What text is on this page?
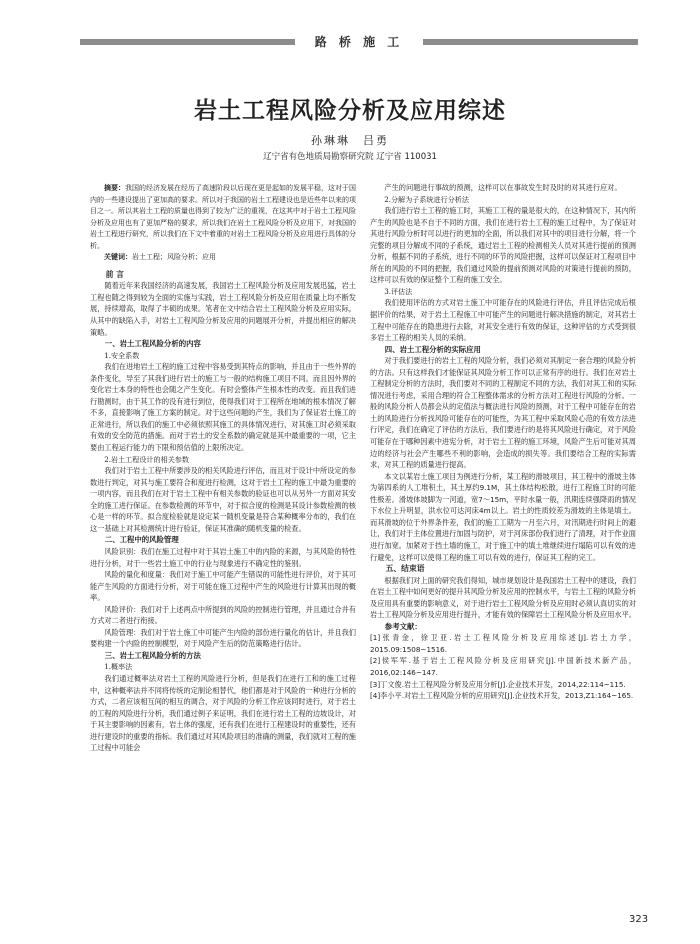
路 桥 施 工
岩土工程风险分析及应用综述
孙琳琳　吕勇
辽宁省有色地质局勘察研究院 辽宁省 110031

摘要：我国的经济发展在经历了高速阶段以后现在更是起如的发展平稳，这对于国内的一些建设提出了更加高的要求。所以对于我国的岩土工程建设也是近些年以来的项目之一。所以其岩土工程的质量也得到了较为广泛的重视，在这其中对于岩土工程风险分析及应用也有了更加严格的要求，所以我们在岩土工程风险分析及应用下，对我国的岩土工程进行研究，所以我们在下文中着重的对岩土工程风险分析及应用进行具体的分析。

关键词：岩土工程；风险分析；应用

前 言

随着近年来我国经济的高速发展，我国岩土工程风险分析及应用发展迅猛，岩土工程也随之得到较为全面的实施与实践，岩土工程风险分析及应用在质量上均不断发展，持续增高，取得了丰硕的成果。笔者在文中结合岩土工程风险分析及应用实际，从其中的缺陷入手，对岩土工程风险分析及应用的问题展开分析，并提出相应的解决策略。

一、岩土工程风险分析的内容

1.安全系数

我们在进地岩土工程的施工过程中容易受到其特点的影响，并且由于一些外界的条件变化，导至了其我们进行岩土的施工与一般的结构施工项目不同。而且因外界的变化岩土本身的特性也会随之产生变化。有时会整体产生根本性的改变。而且我们进行勘测时，由于其工作的没有进行到位，使得我们对于工程所在地域的根本情况了解不多，直接影响了施工方案的制定。对于这些问题的产生，我们为了保证岩土施工的正常进行，所以我们的施工中必须依照其施工的具体情况进行，对其施工时必须采取有效的安全防范的措施。而对于岩土的安全系数的确定就是其中最重要的一项，它主要由工程运行能力的下限和预估值的上限所决定。

2.岩土工程设计的相关参数

我们对于岩土工程中所要涉及的相关风险进行评估，而且对于设计中所设定的参数进行判定，对其与施工要符合和度进行检测，这对于岩土工程的施工中最为重要的一项内容，而且我们在对于岩土工程中有相关参数的验证也可以从另外一方面对其安全的施工进行保证。在参数检测的环节中，对于拟合度的检测是其设计参数检测的核心是一样的环节。拟合度检验就是设定某一随机变量是符合某种概率分布的，我们在这一基础上对其检测统计进行验证，保证其准确的随机变量的检查。

二、工程中的风险管理

风险识别：我们在施工过程中对于其岩土施工中的内险的来源，与其风险的特性进行分析，对于一些岩土施工中的行业与现象进行不确定性的鉴别。

风险的量化和度量：我们对于施工中可能产生错误的可能性进行评价，对于其可能产生风险的方面进行分析，对于可能在施工过程中产生的风险进行计算其出现的概率。

风险评价：我们对于上述两点中所提到的风险的控制进行管理，并且通过合并有方式对二者进行衔接。

风险管理：我们对于岩土施工中可能产生内险的部份进行量化的估计，并且我们要构建一个内险的控制模型，对于风险产生后的防范策略进行估计。

三、岩土工程风险分析的方法

1.概率法

我们通过概率法对岩土工程的风险进行分析，但是我们在进行工和的施工过程中，这种概率法并不同将传统的定制论相替代，他们都是对于风险的一种进行分析的方式，二者应该相互间的相互的调合，对于风险的分析工作应该同时进行，对于岩土的工程的风险进行分析，我们通过例子来证明，我们在进行岩土工程的边坡设计，对于其主要影响的因素有，岩土体的强度，还有我们在进行工程建设时的重要性，还有进行建设时的重要的指标。我们通过对其风险项目的准确的测量，我们就对工程的施工过程中可能会

产生的问题进行事故的预测，这样可以在事故发生时及时的对其进行应对。

2.分解为子系统进行分析法

我们进行岩土工程的施工时，其施工工程的量是很大的，在这种情况下，其内所产生的风险也是不自于不同的方面，我们在进行岩土工程的施工过程中，为了保证对其进行风险分析时可以进行的更加的全面，所以我们对其中的项目进行分解，将一个完整的项目分解成不同的子系统，通过岩土工程的检测相关人员对其进行提前的预测分析，根据不同的子系统，进行不同的环节的风险把握，这样可以保证对工程项目中所在的风险的不同的把握，我们通过风险的提前预测对风险的对策进行提前的预防，这样可以有效的保证整个工程的施工安全。

3.评估法

我们使用评估的方式对岩土施工中可能存在的风险进行评估，并且评估完成后根据评价的结果，对于岩土工程施工中可能产生的问题进行解决措施的制定，对其岩土工程中可能存在的隐患进行去除，对其安全进行有效的保证，这种评估的方式受到很多岩土工程的相关人员的采纳。

四、岩土工程分析的实际应用

对于我们要进行的岩土工程的风险分析，我们必须对其制定一套合理的风险分析的方法。只有这样我们才能保证其风险分析工作可以正常有序的进行。我们在对岩土工程制定分析的方法时，我们要对不同的工程制定不同的方法，我们对其工和的实际情况进行考虑，采用合理的符合工程整体需求的分析方法对工程进行风险的分析。一般的风险分析人员都会从的定值法与概法进行风险的预测，对于工程中可能存在的岩土的风险进行分析找风险可能存在的可能性，为其工程中采取风险心范的有效方法进行评定，我们在确定了评估的方法后，我们要进行的是将其风险进行确定，对于风险可能存在于哪种因素中进宪分析，对于岩土工程的施工环境，风险产生后可能对其周边的经济与社会产生哪些不利的影响，会造成的损失等。我们要结合工程的实际需求，对其工程的质量进行提高。

本文以某岩土施工项目为例进行分析，某工程的滑坡项目，其工程中的滑坡主体为第四系的人工堆积土，其土厚约9.1M，其土体结构松散，进行工程施工时的可能性极差。滑坡体坡脚为一河道，宽7～15m，平时水量一般，汛期连续强降雨的情况下水位上升明显，洪水位可达河床4m以上。岩土的性质较差为滑坡的主体是填土。而其滑坡的位于外界条件差，我们的施工工期为一月至六月，对汛期进行时间上的避让，我们对于主体位置进行加固与防护，对于河床部份我们进行了清理，对于作业面进行加宽。加紧对于挡土墙的施工，对于施工中的填土堆继续进行塌陷可以有效的进行避免，这样可以使得工程的施工可以有效的进行，保证其工程的完工。

五、结束语

根据我们对上面的研究我们得知，城市规划设计是我国岩土工程中的建设，我们在岩土工程中如何更好的提升其风险分析及应用的控制水平，与岩土工程的风险分析及应用具有重要的影响意义，对于进行岩土工程风险分析及应用时必须认真切实的对岩土工程风险分析及应用进行提升，才能有效的保障岩土工程风险分析及应用水平。

参考文献：

[1]张青金，徐卫亚.岩土工程风险分析及应用综述[J].岩土力学，2015.09:1508~1516.

[2]侯军军.基于岩土工程风险分析及应用研究[J].中国新技术新产品，2016,02:146~147.

[3]丁文俊.岩土工程风险分析及应用分析[J].企业技术开发，2014,22:114~115.

[4]李小平.对岩土工程风险分析的应用研究[J].企业技术开发，2013,Z1:164~165.

323
